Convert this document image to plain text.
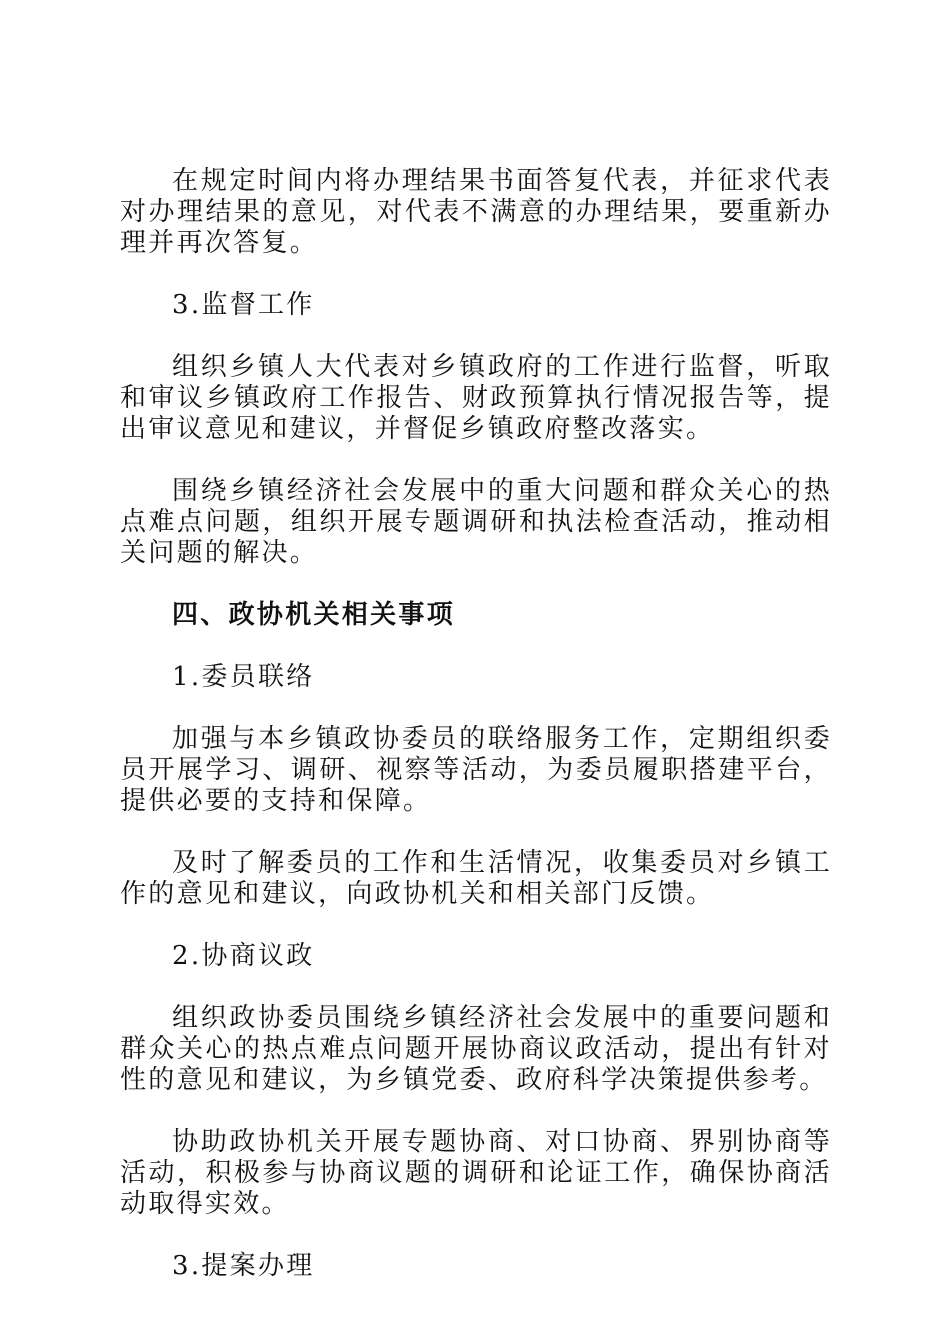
在规定时间内将办理结果书面答复代表，并征求代表对办理结果的意见，对代表不满意的办理结果，要重新办理并再次答复。

3.监督工作

组织乡镇人大代表对乡镇政府的工作进行监督，听取和审议乡镇政府工作报告、财政预算执行情况报告等，提出审议意见和建议，并督促乡镇政府整改落实。

围绕乡镇经济社会发展中的重大问题和群众关心的热点难点问题，组织开展专题调研和执法检查活动，推动相关问题的解决。

四、政协机关相关事项

1.委员联络

加强与本乡镇政协委员的联络服务工作，定期组织委员开展学习、调研、视察等活动，为委员履职搭建平台，提供必要的支持和保障。

及时了解委员的工作和生活情况，收集委员对乡镇工作的意见和建议，向政协机关和相关部门反馈。

2.协商议政

组织政协委员围绕乡镇经济社会发展中的重要问题和群众关心的热点难点问题开展协商议政活动，提出有针对性的意见和建议，为乡镇党委、政府科学决策提供参考。

协助政协机关开展专题协商、对口协商、界别协商等活动，积极参与协商议题的调研和论证工作，确保协商活动取得实效。

3.提案办理
